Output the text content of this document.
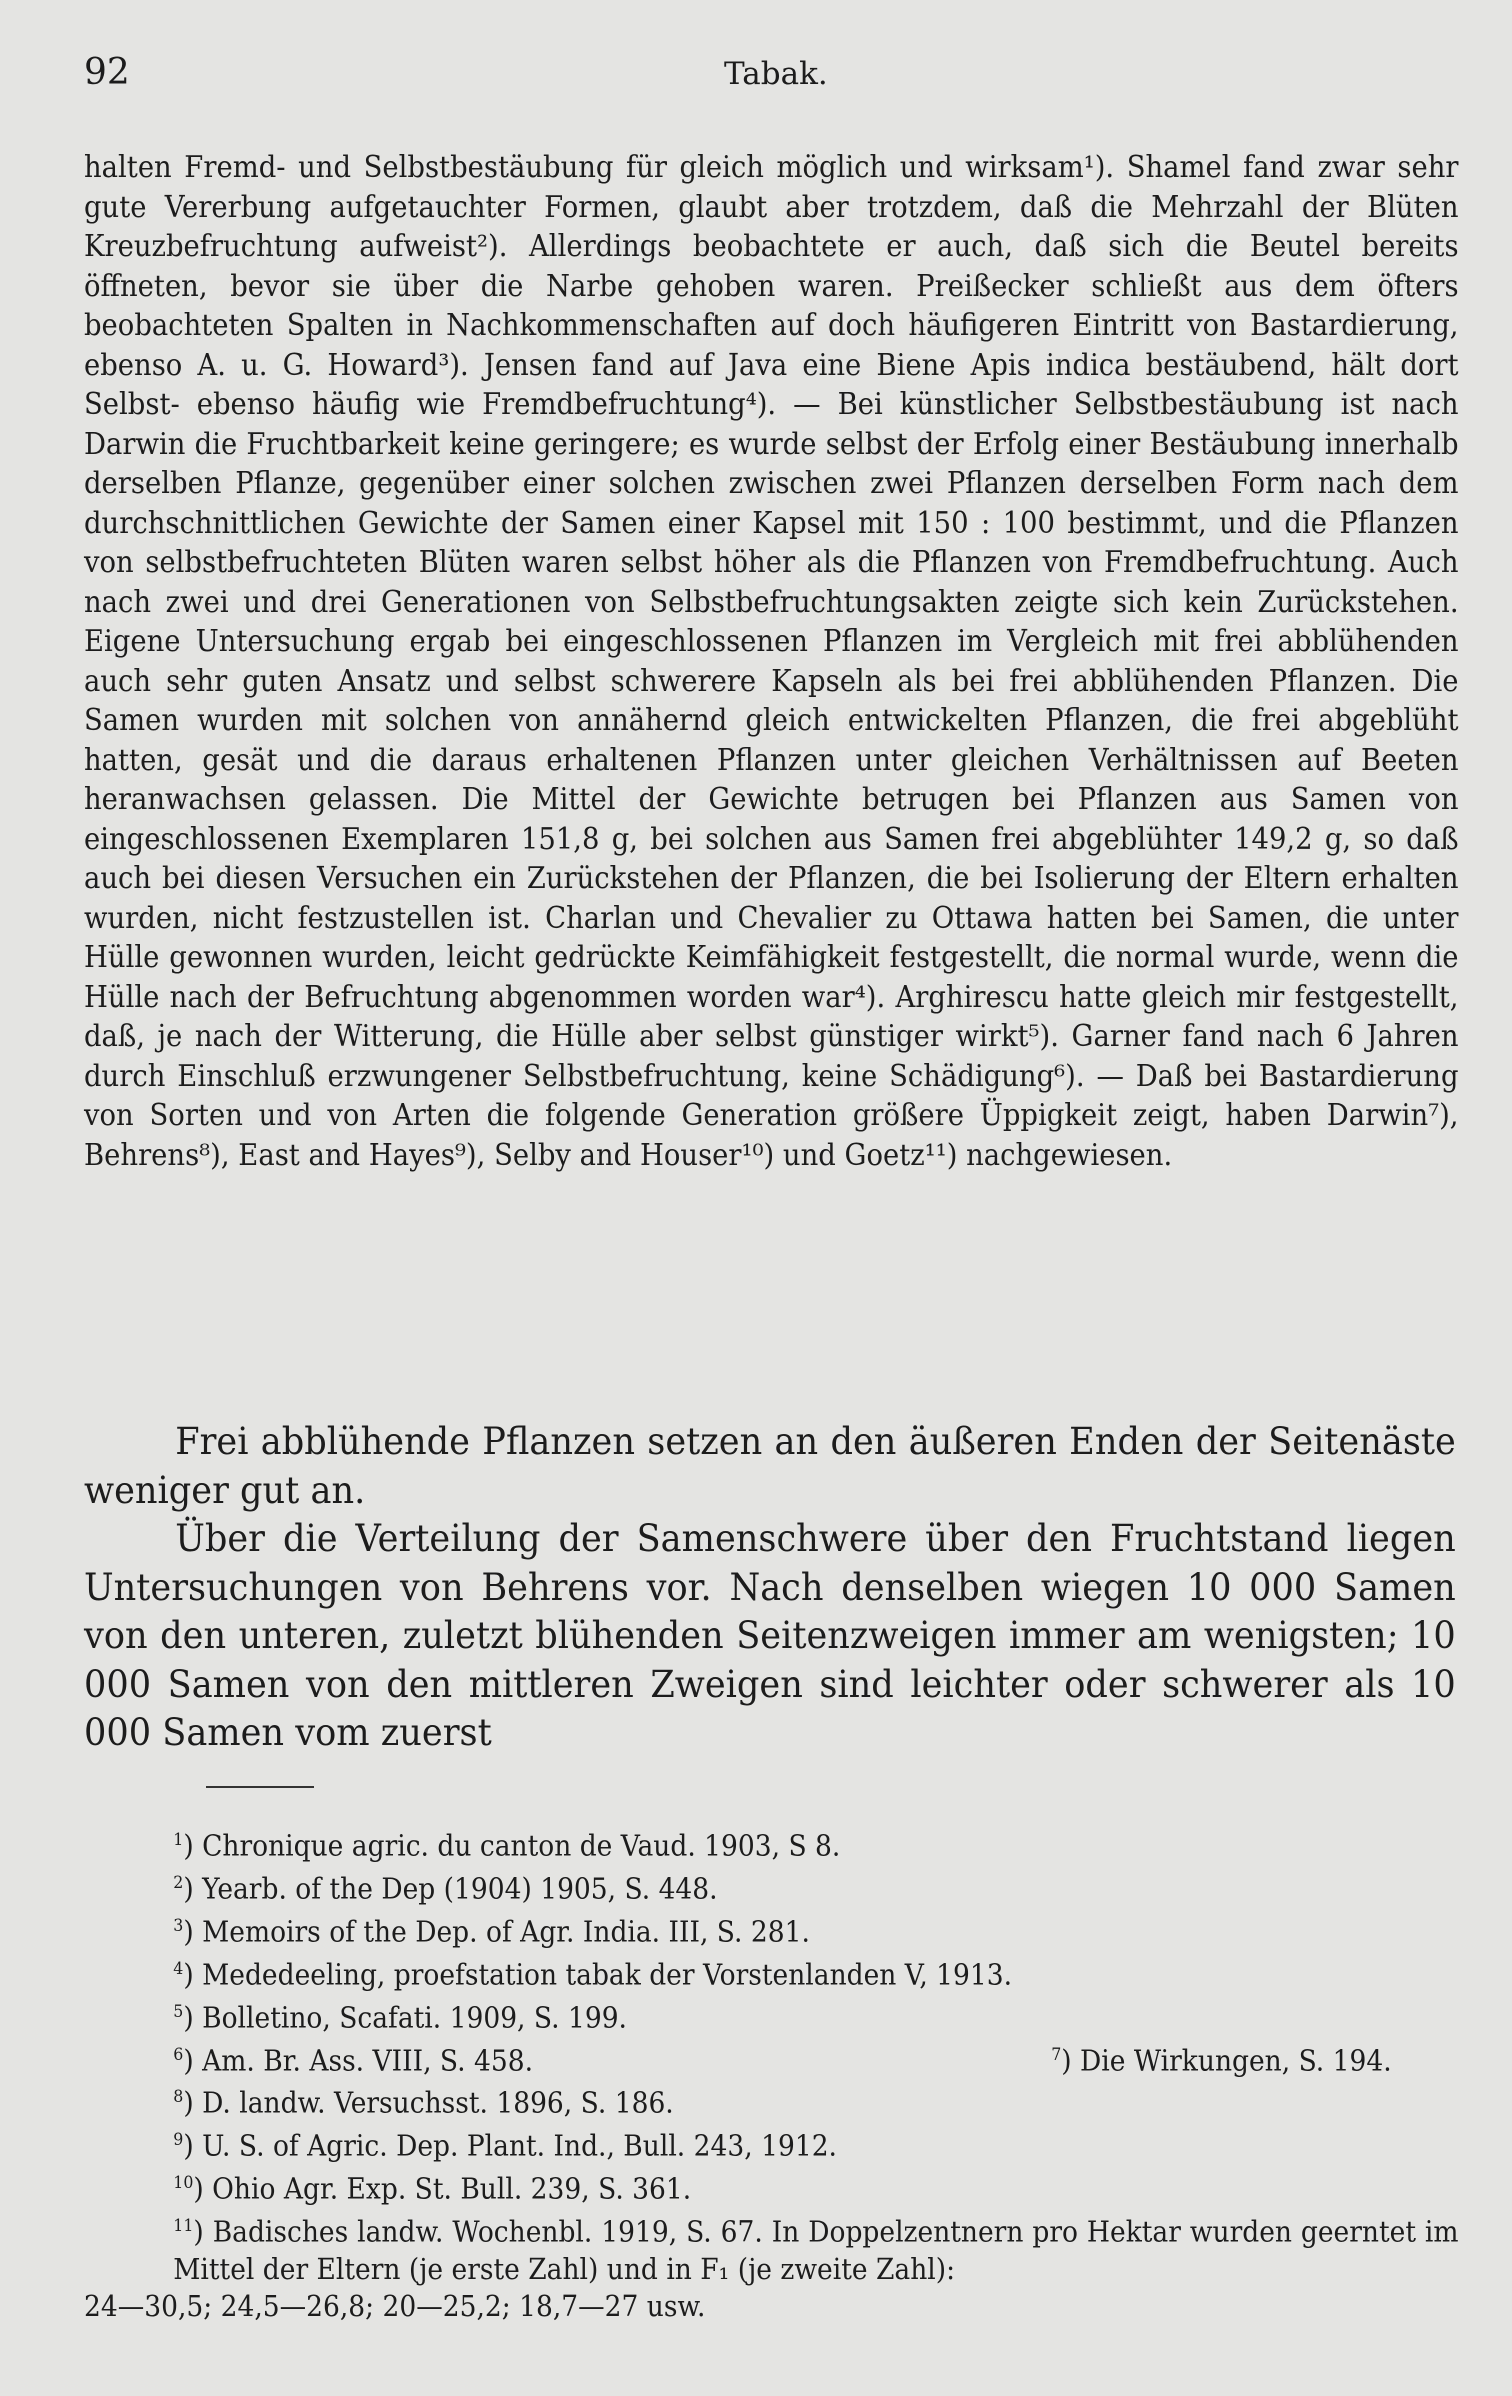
92	Tabak.

halten Fremd- und Selbstbestäubung für gleich möglich und wirksam¹). Shamel fand zwar sehr gute Vererbung aufgetauchter Formen, glaubt aber trotzdem, daß die Mehrzahl der Blüten Kreuzbefruchtung aufweist²). Allerdings beobachtete er auch, daß sich die Beutel bereits öffneten, bevor sie über die Narbe gehoben waren. Preißecker schließt aus dem öfters beobachteten Spalten in Nachkommenschaften auf doch häufigeren Eintritt von Bastardierung, ebenso A. u. G. Howard³). Jensen fand auf Java eine Biene Apis indica bestäubend, hält dort Selbst- ebenso häufig wie Fremdbefruchtung⁴). — Bei künstlicher Selbstbestäubung ist nach Darwin die Fruchtbarkeit keine geringere; es wurde selbst der Erfolg einer Bestäubung innerhalb derselben Pflanze, gegenüber einer solchen zwischen zwei Pflanzen derselben Form nach dem durchschnittlichen Gewichte der Samen einer Kapsel mit 150 : 100 bestimmt, und die Pflanzen von selbstbefruchteten Blüten waren selbst höher als die Pflanzen von Fremdbefruchtung. Auch nach zwei und drei Generationen von Selbstbefruchtungsakten zeigte sich kein Zurückstehen. Eigene Untersuchung ergab bei eingeschlossenen Pflanzen im Vergleich mit frei abblühenden auch sehr guten Ansatz und selbst schwerere Kapseln als bei frei abblühenden Pflanzen. Die Samen wurden mit solchen von annähernd gleich entwickelten Pflanzen, die frei abgeblüht hatten, gesät und die daraus erhaltenen Pflanzen unter gleichen Verhältnissen auf Beeten heranwachsen gelassen. Die Mittel der Gewichte betrugen bei Pflanzen aus Samen von eingeschlossenen Exemplaren 151,8 g, bei solchen aus Samen frei abgeblühter 149,2 g, so daß auch bei diesen Versuchen ein Zurückstehen der Pflanzen, die bei Isolierung der Eltern erhalten wurden, nicht festzustellen ist. Charlan und Chevalier zu Ottawa hatten bei Samen, die unter Hülle gewonnen wurden, leicht gedrückte Keimfähigkeit festgestellt, die normal wurde, wenn die Hülle nach der Befruchtung abgenommen worden war⁴). Arghirescu hatte gleich mir festgestellt, daß, je nach der Witterung, die Hülle aber selbst günstiger wirkt⁵). Garner fand nach 6 Jahren durch Einschluß erzwungener Selbstbefruchtung, keine Schädigung⁶). — Daß bei Bastardierung von Sorten und von Arten die folgende Generation größere Üppigkeit zeigt, haben Darwin⁷), Behrens⁸), East and Hayes⁹), Selby and Houser¹⁰) und Goetz¹¹) nachgewiesen.

Frei abblühende Pflanzen setzen an den äußeren Enden der Seitenäste weniger gut an.

Über die Verteilung der Samenschwere über den Fruchtstand liegen Untersuchungen von Behrens vor. Nach denselben wiegen 10 000 Samen von den unteren, zuletzt blühenden Seitenzweigen immer am wenigsten; 10 000 Samen von den mittleren Zweigen sind leichter oder schwerer als 10 000 Samen vom zuerst

$^1$) Chronique agric. du canton de Vaud. 1903, S 8.

$^2$) Yearb. of the Dep (1904) 1905, S. 448.

$^3$) Memoirs of the Dep. of Agr. India. III, S. 281.

$^4$) Mededeeling, proefstation tabak der Vorstenlanden V, 1913.

$^5$) Bolletino, Scafati. 1909, S. 199.

$^6$) Am. Br. Ass. VIII, S. 458.	$^7$) Die Wirkungen, S. 194.

$^8$) D. landw. Versuchsst. 1896, S. 186.

$^9$) U. S. of Agric. Dep. Plant. Ind., Bull. 243, 1912.

$^{10}$) Ohio Agr. Exp. St. Bull. 239, S. 361.

$^{11}$) Badisches landw. Wochenbl. 1919, S. 67. In Doppelzentnern pro Hektar wurden geerntet im Mittel der Eltern (je erste Zahl) und in F₁ (je zweite Zahl):

24—30,5; 24,5—26,8; 20—25,2; 18,7—27 usw.
